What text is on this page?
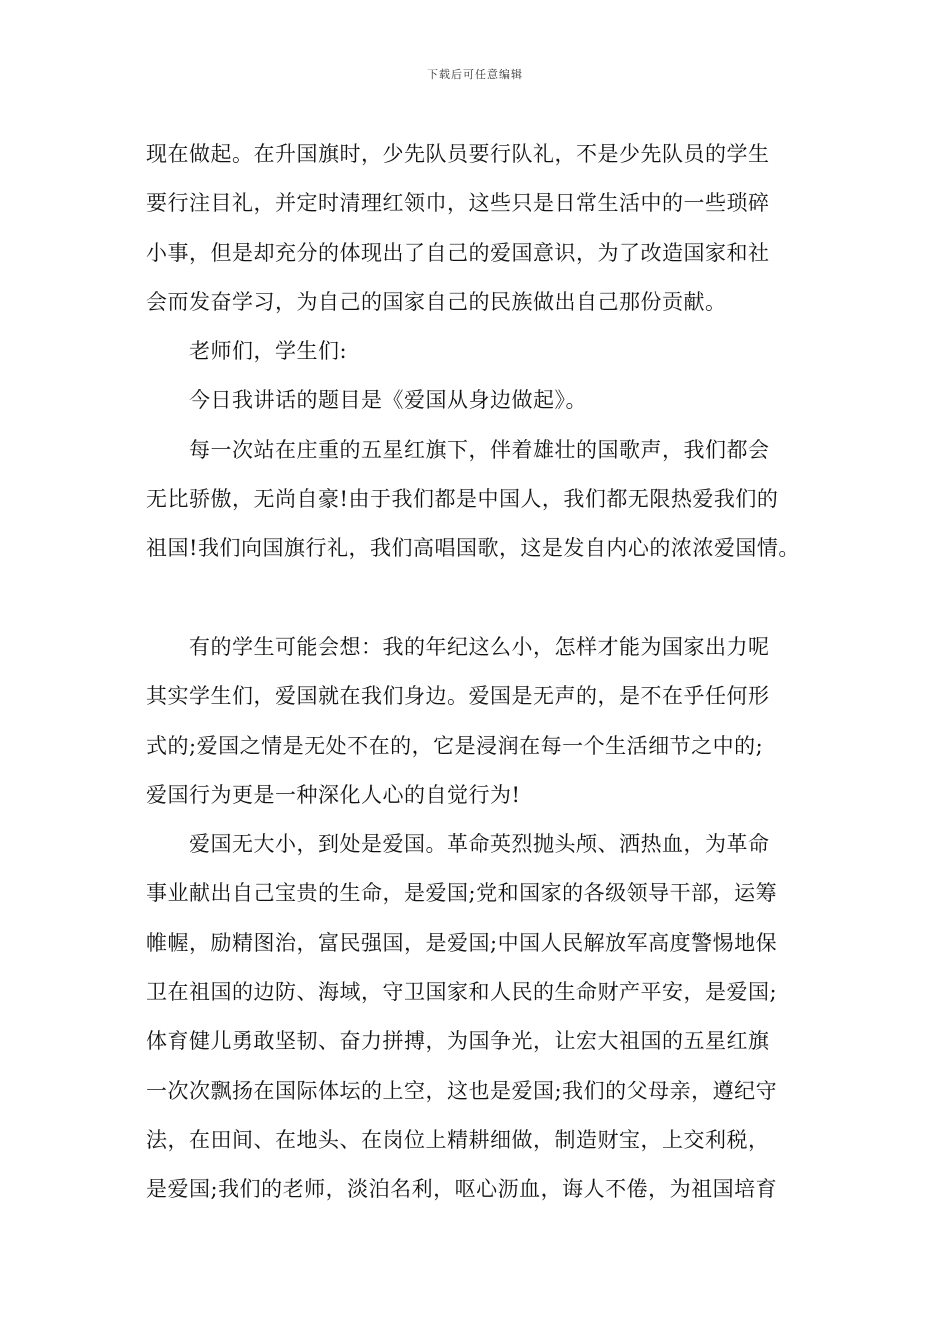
下载后可任意编辑
现在做起。在升国旗时，少先队员要行队礼，不是少先队员的学生
要行注目礼，并定时清理红领巾，这些只是日常生活中的一些琐碎
小事，但是却充分的体现出了自己的爱国意识，为了改造国家和社
会而发奋学习，为自己的国家自己的民族做出自己那份贡献。
老师们，学生们:
今日我讲话的题目是《爱国从身边做起》。
每一次站在庄重的五星红旗下，伴着雄壮的国歌声，我们都会
无比骄傲，无尚自豪!由于我们都是中国人，我们都无限热爱我们的
祖国!我们向国旗行礼，我们高唱国歌，这是发自内心的浓浓爱国情。
有的学生可能会想：我的年纪这么小，怎样才能为国家出力呢
其实学生们，爱国就在我们身边。爱国是无声的，是不在乎任何形
式的;爱国之情是无处不在的，它是浸润在每一个生活细节之中的;
爱国行为更是一种深化人心的自觉行为!
爱国无大小，到处是爱国。革命英烈抛头颅、洒热血，为革命
事业献出自己宝贵的生命，是爱国;党和国家的各级领导干部，运筹
帷幄，励精图治，富民强国，是爱国;中国人民解放军高度警惕地保
卫在祖国的边防、海域，守卫国家和人民的生命财产平安，是爱国;
体育健儿勇敢坚韧、奋力拼搏，为国争光，让宏大祖国的五星红旗
一次次飘扬在国际体坛的上空，这也是爱国;我们的父母亲，遵纪守
法，在田间、在地头、在岗位上精耕细做，制造财宝，上交利税，
是爱国;我们的老师，淡泊名利，呕心沥血，诲人不倦，为祖国培育
